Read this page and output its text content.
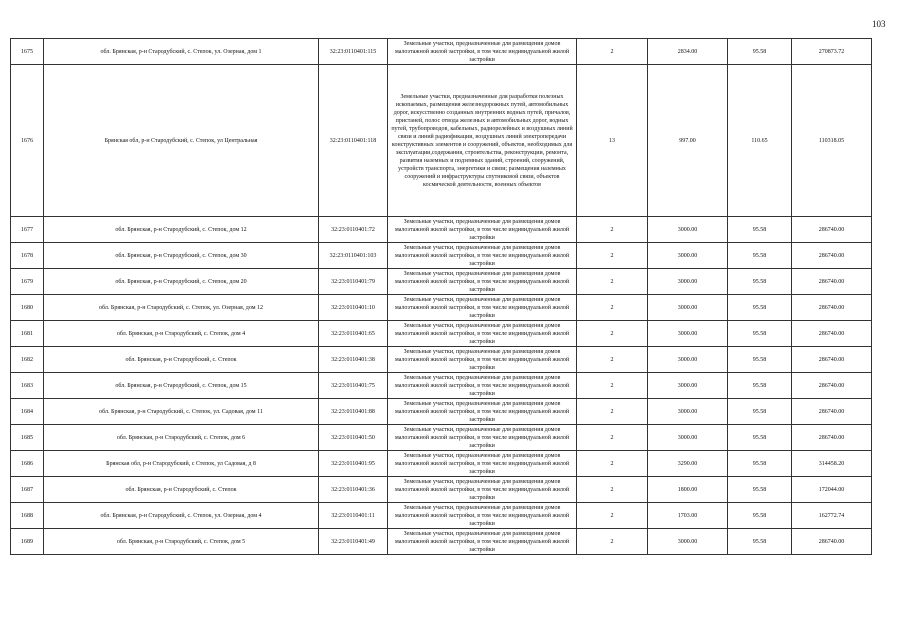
103
1675	обл. Брянская, р-н Стародубский, с. Степок, ул. Озерная, дом 1	32:23:0110401:115	Земельные участки, предназначенные для размещения домов малоэтажной жилой застройки, в том числе индивидуальной жилой застройки	2	2834.00	95.58	270873.72
1676	Брянская обл, р-н Стародубский, с. Степок, ул Центральная	32:23:0110401:118	Земельные участки, предназначенные для разработки полезных ископаемых, размещения железнодорожных путей, автомобильных дорог, искусственно созданных внутренних водных путей, причалов, пристаней, полос отвода железных и автомобильных дорог, водных путей, трубопроводов, кабельных, радиорелейных и воздушных линий связи и линий радиофикации, воздушных линий электропередачи конструктивных элементов и сооружений, объектов, необходимых для эксплуатации,содержания, строительства, реконструкции, ремонта, развития наземных и подземных зданий, строений, сооружений, устройств транспорта, энергетики и связи; размещения наземных сооружений и инфраструктуры спутниковой связи, объектов космической деятельности, военных объектов	13	997.00	110.65	110318.05
1677	обл. Брянская, р-н Стародубский, с. Степок, дом 12	32:23:0110401:72	Земельные участки, предназначенные для размещения домов малоэтажной жилой застройки, в том числе индивидуальной жилой застройки	2	3000.00	95.58	286740.00
1678	обл. Брянская, р-н Стародубский, с. Степок, дом 30	32:23:0110401:103	Земельные участки, предназначенные для размещения домов малоэтажной жилой застройки, в том числе индивидуальной жилой застройки	2	3000.00	95.58	286740.00
1679	обл. Брянская, р-н Стародубский, с. Степок, дом 20	32:23:0110401:79	Земельные участки, предназначенные для размещения домов малоэтажной жилой застройки, в том числе индивидуальной жилой застройки	2	3000.00	95.58	286740.00
1680	обл. Брянская, р-н Стародубский, с. Степок, ул. Озерная, дом 12	32:23:0110401:10	Земельные участки, предназначенные для размещения домов малоэтажной жилой застройки, в том числе индивидуальной жилой застройки	2	3000.00	95.58	286740.00
1681	обл. Брянская, р-н Стародубский, с. Степок, дом 4	32:23:0110401:65	Земельные участки, предназначенные для размещения домов малоэтажной жилой застройки, в том числе индивидуальной жилой застройки	2	3000.00	95.58	286740.00
1682	обл. Брянская, р-н Стародубский, с. Степок	32:23:0110401:38	Земельные участки, предназначенные для размещения домов малоэтажной жилой застройки, в том числе индивидуальной жилой застройки	2	3000.00	95.58	286740.00
1683	обл. Брянская, р-н Стародубский, с. Степок, дом 15	32:23:0110401:75	Земельные участки, предназначенные для размещения домов малоэтажной жилой застройки, в том числе индивидуальной жилой застройки	2	3000.00	95.58	286740.00
1684	обл. Брянская, р-н Стародубский, с. Степок, ул. Садовая, дом 11	32:23:0110401:88	Земельные участки, предназначенные для размещения домов малоэтажной жилой застройки, в том числе индивидуальной жилой застройки	2	3000.00	95.58	286740.00
1685	обл. Брянская, р-н Стародубский, с. Степок, дом 6	32:23:0110401:50	Земельные участки, предназначенные для размещения домов малоэтажной жилой застройки, в том числе индивидуальной жилой застройки	2	3000.00	95.58	286740.00
1686	Брянская обл, р-н Стародубский, с Степок, ул Садовая, д 8	32:23:0110401:95	Земельные участки, предназначенные для размещения домов малоэтажной жилой застройки, в том числе индивидуальной жилой застройки	2	3290.00	95.58	314458.20
1687	обл. Брянская, р-н Стародубский, с. Степок	32:23:0110401:36	Земельные участки, предназначенные для размещения домов малоэтажной жилой застройки, в том числе индивидуальной жилой застройки	2	1800.00	95.58	172044.00
1688	обл. Брянская, р-н Стародубский, с. Степок, ул. Озерная, дом 4	32:23:0110401:11	Земельные участки, предназначенные для размещения домов малоэтажной жилой застройки, в том числе индивидуальной жилой застройки	2	1703.00	95.58	162772.74
1689	обл. Брянская, р-н Стародубский, с. Степок, дом 5	32:23:0110401:49	Земельные участки, предназначенные для размещения домов малоэтажной жилой застройки, в том числе индивидуальной жилой застройки	2	3000.00	95.58	286740.00
